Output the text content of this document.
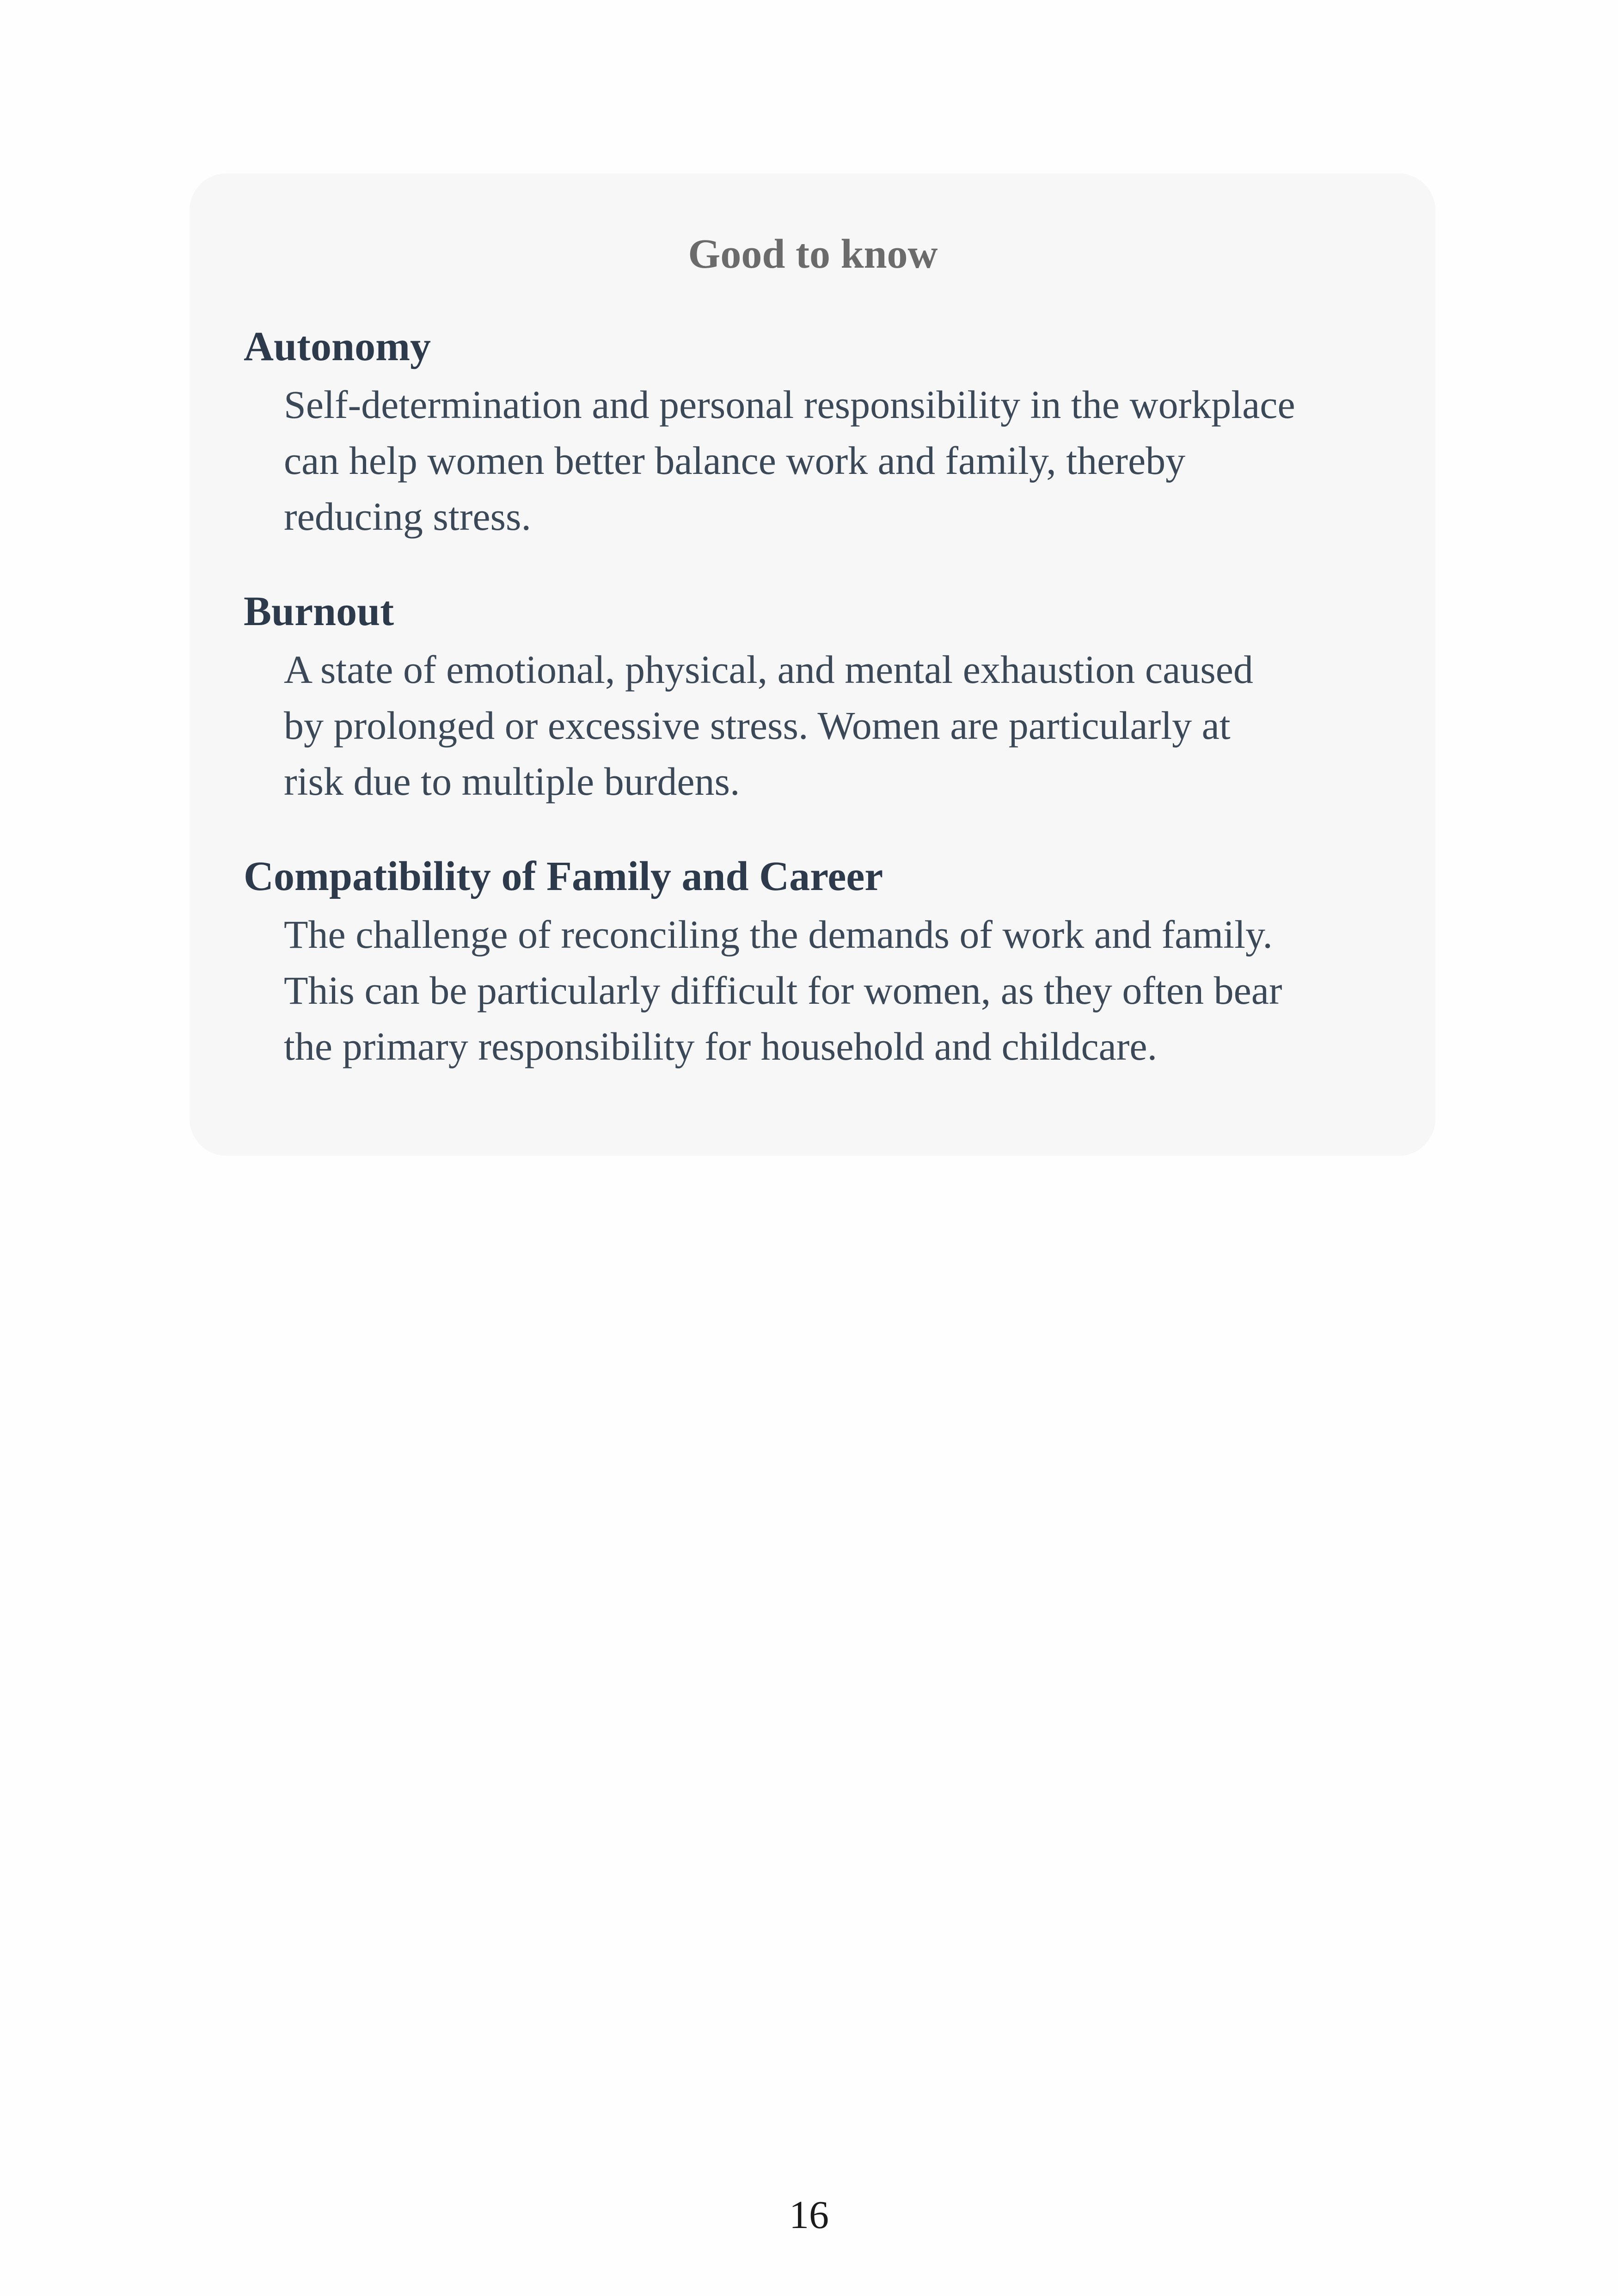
Good to know
Autonomy
Self-determination and personal responsibility in the workplace
can help women better balance work and family, thereby
reducing stress.
Burnout
A state of emotional, physical, and mental exhaustion caused
by prolonged or excessive stress. Women are particularly at
risk due to multiple burdens.
Compatibility of Family and Career
The challenge of reconciling the demands of work and family.
This can be particularly difficult for women, as they often bear
the primary responsibility for household and childcare.
16
